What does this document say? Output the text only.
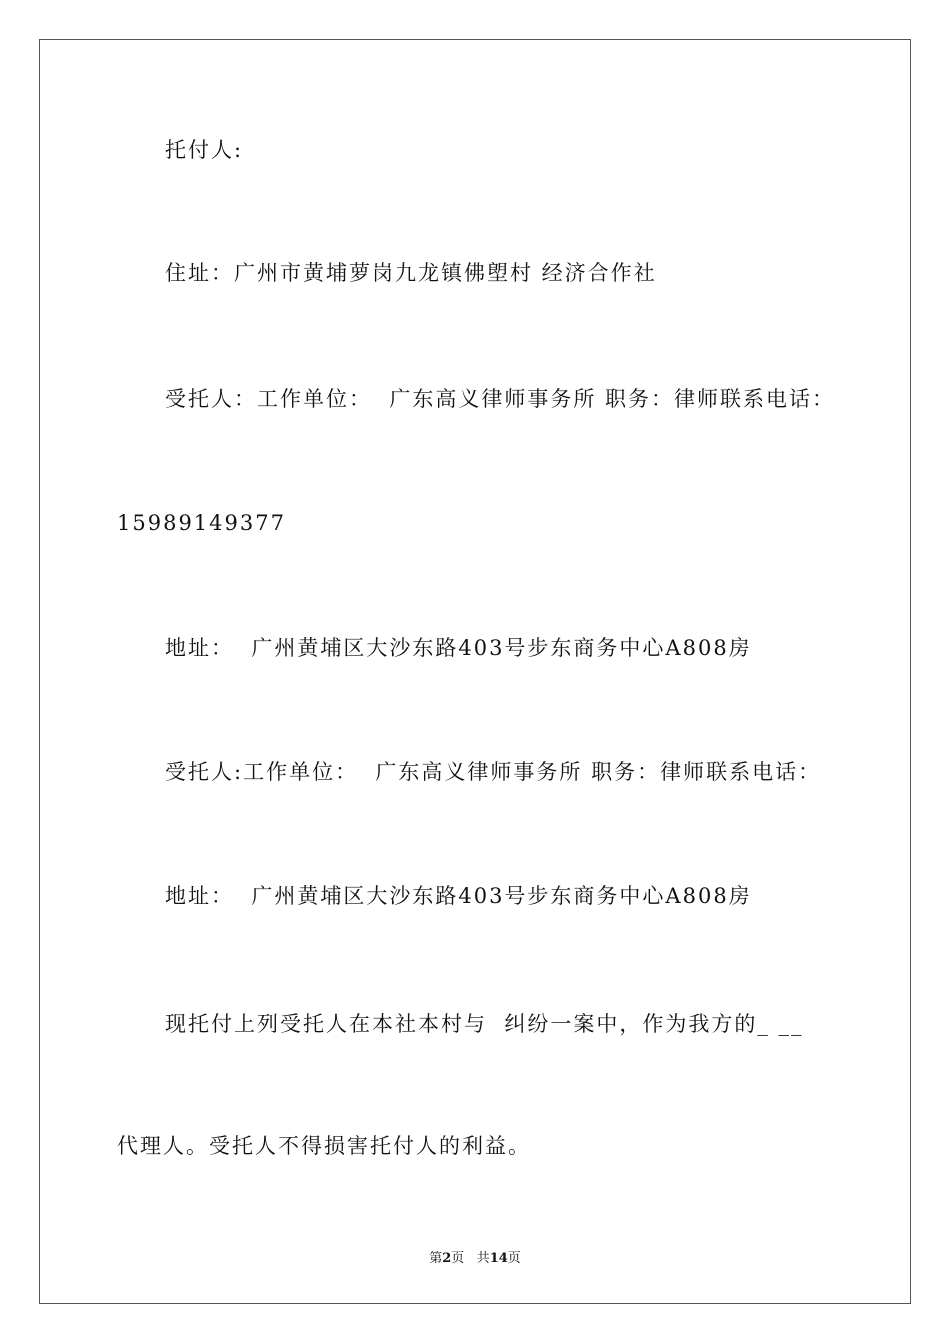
托付人:
住址：广州市黄埔萝岗九龙镇佛塱村 经济合作社
受托人：工作单位：  广东高义律师事务所 职务：律师联系电话：
15989149377
地址：  广州黄埔区大沙东路403号步东商务中心A808房
受托人:工作单位：  广东高义律师事务所 职务：律师联系电话：
地址：  广州黄埔区大沙东路403号步东商务中心A808房
现托付上列受托人在本社本村与  纠纷一案中，作为我方的_ __
代理人。受托人不得损害托付人的利益。
第2页 共14页
